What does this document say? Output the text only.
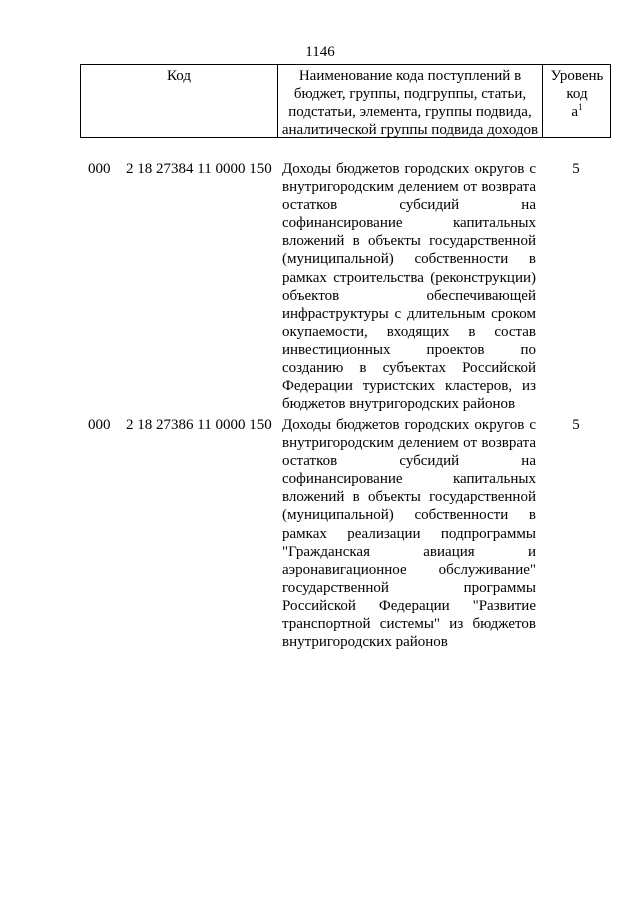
1146
Код	Наименование кода поступлений в бюджет, группы, подгруппы, статьи, подстатьи, элемента, группы подвида, аналитической группы подвида доходов
Уровень код
$а^1$
000 2 18 27384 11 0000 150 Доходы бюджетов городских округов с внутригородским делением от возврата остатков субсидий на софинансирование капитальных вложений в объекты государственной (муниципальной) собственности в рамках строительства (реконструкции) объектов обеспечивающей инфраструктуры с длительным сроком окупаемости, входящих в состав инвестиционных проектов по созданию в субъектах Российской Федерации туристских кластеров, из бюджетов внутригородских районов
5
000 2 18 27386 11 0000 150 Доходы бюджетов городских округов с внутригородским делением от возврата остатков субсидий на софинансирование капитальных вложений в объекты государственной (муниципальной) собственности в рамках реализации подпрограммы "Гражданская авиация и аэронавигационное обслуживание" государственной программы Российской Федерации "Развитие транспортной системы" из бюджетов внутригородских районов
5
